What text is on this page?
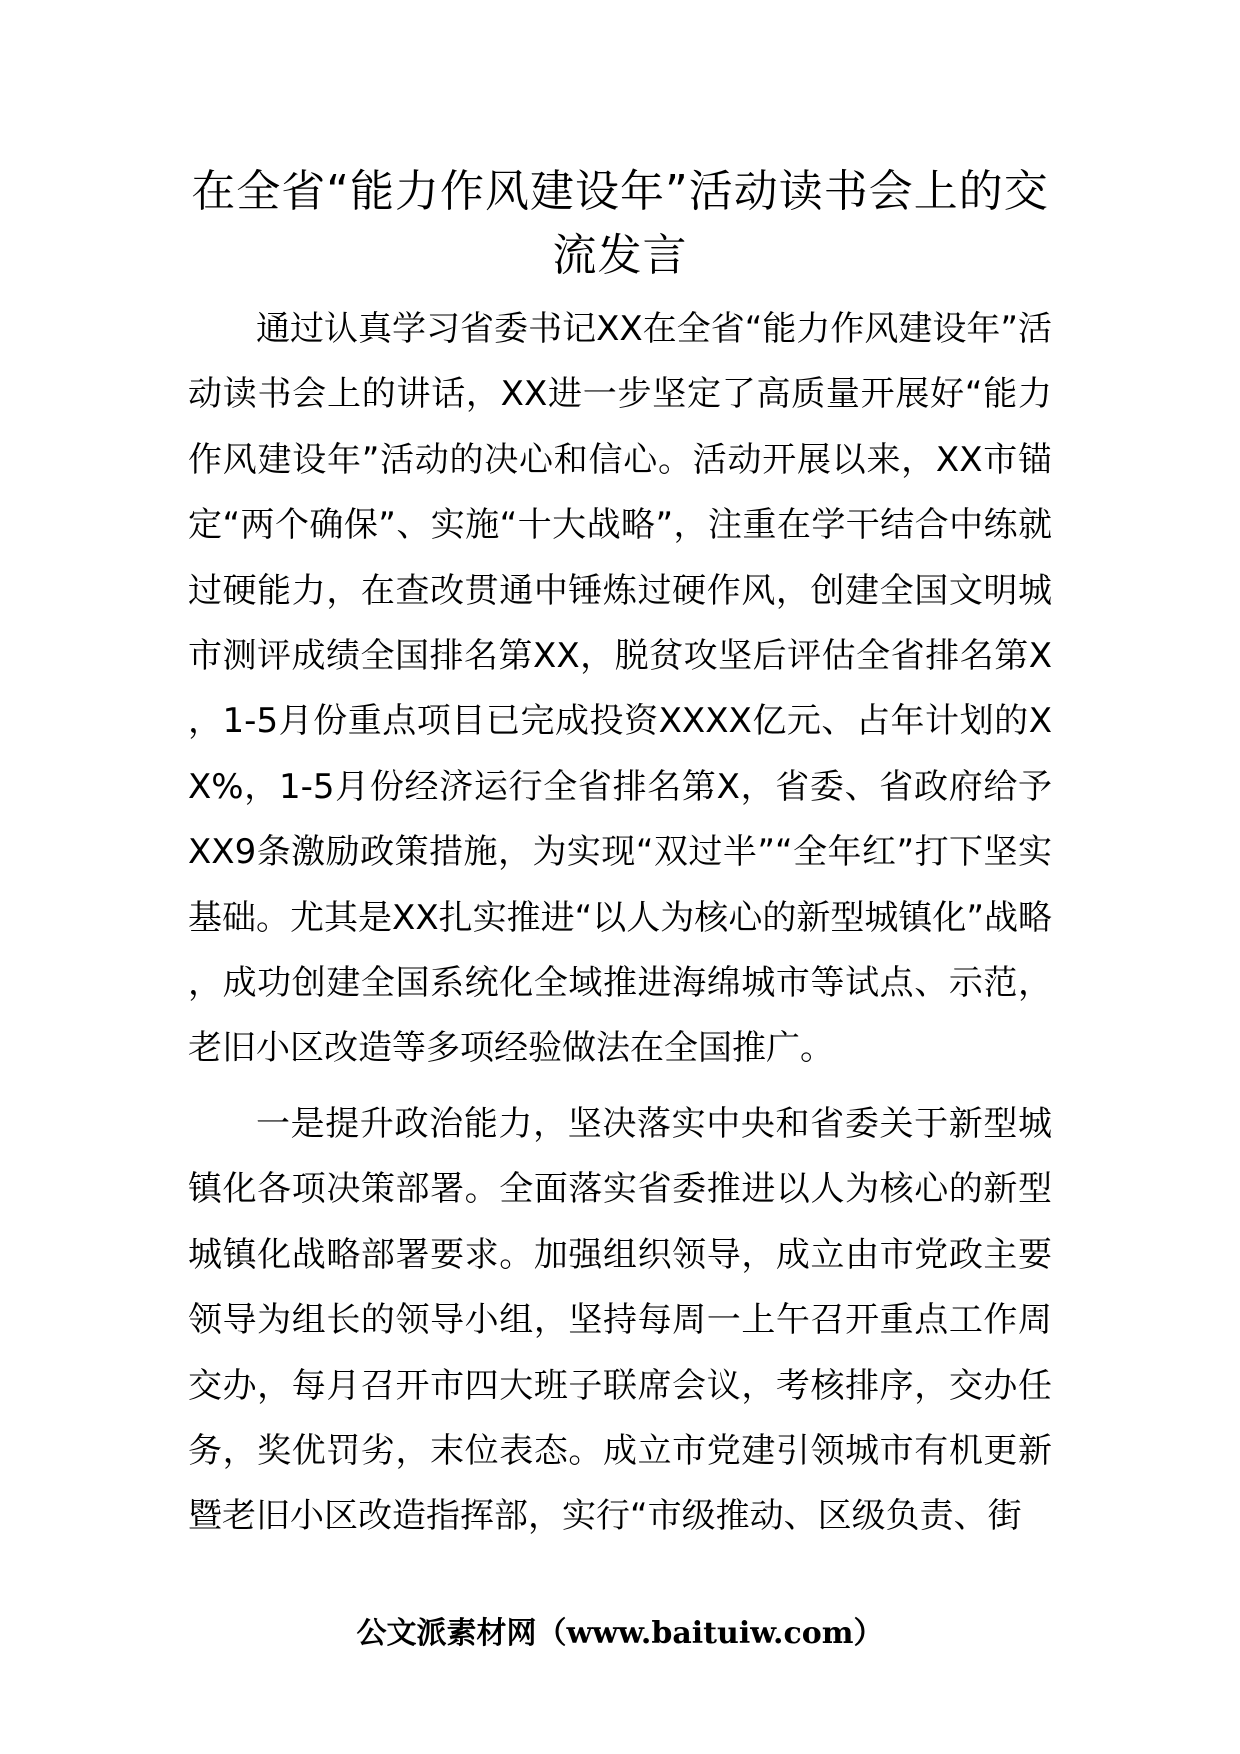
在全省“能力作风建设年”活动读书会上的交流发言

通过认真学习省委书记XX在全省“能力作风建设年”活动读书会上的讲话，XX进一步坚定了高质量开展好“能力作风建设年”活动的决心和信心。活动开展以来，XX市锚定“两个确保”、实施“十大战略”，注重在学干结合中练就过硬能力，在查改贯通中锤炼过硬作风，创建全国文明城市测评成绩全国排名第XX，脱贫攻坚后评估全省排名第X，1-5月份重点项目已完成投资XXXX亿元、占年计划的XX%，1-5月份经济运行全省排名第X，省委、省政府给予XX9条激励政策措施，为实现“双过半”“全年红”打下坚实基础。尤其是XX扎实推进“以人为核心的新型城镇化”战略，成功创建全国系统化全域推进海绵城市等试点、示范，老旧小区改造等多项经验做法在全国推广。

一是提升政治能力，坚决落实中央和省委关于新型城镇化各项决策部署。全面落实省委推进以人为核心的新型城镇化战略部署要求。加强组织领导，成立由市党政主要领导为组长的领导小组，坚持每周一上午召开重点工作周交办，每月召开市四大班子联席会议，考核排序，交办任务，奖优罚劣，末位表态。成立市党建引领城市有机更新暨老旧小区改造指挥部，实行“市级推动、区级负责、街

公文派素材网（www.baituiw.com）
